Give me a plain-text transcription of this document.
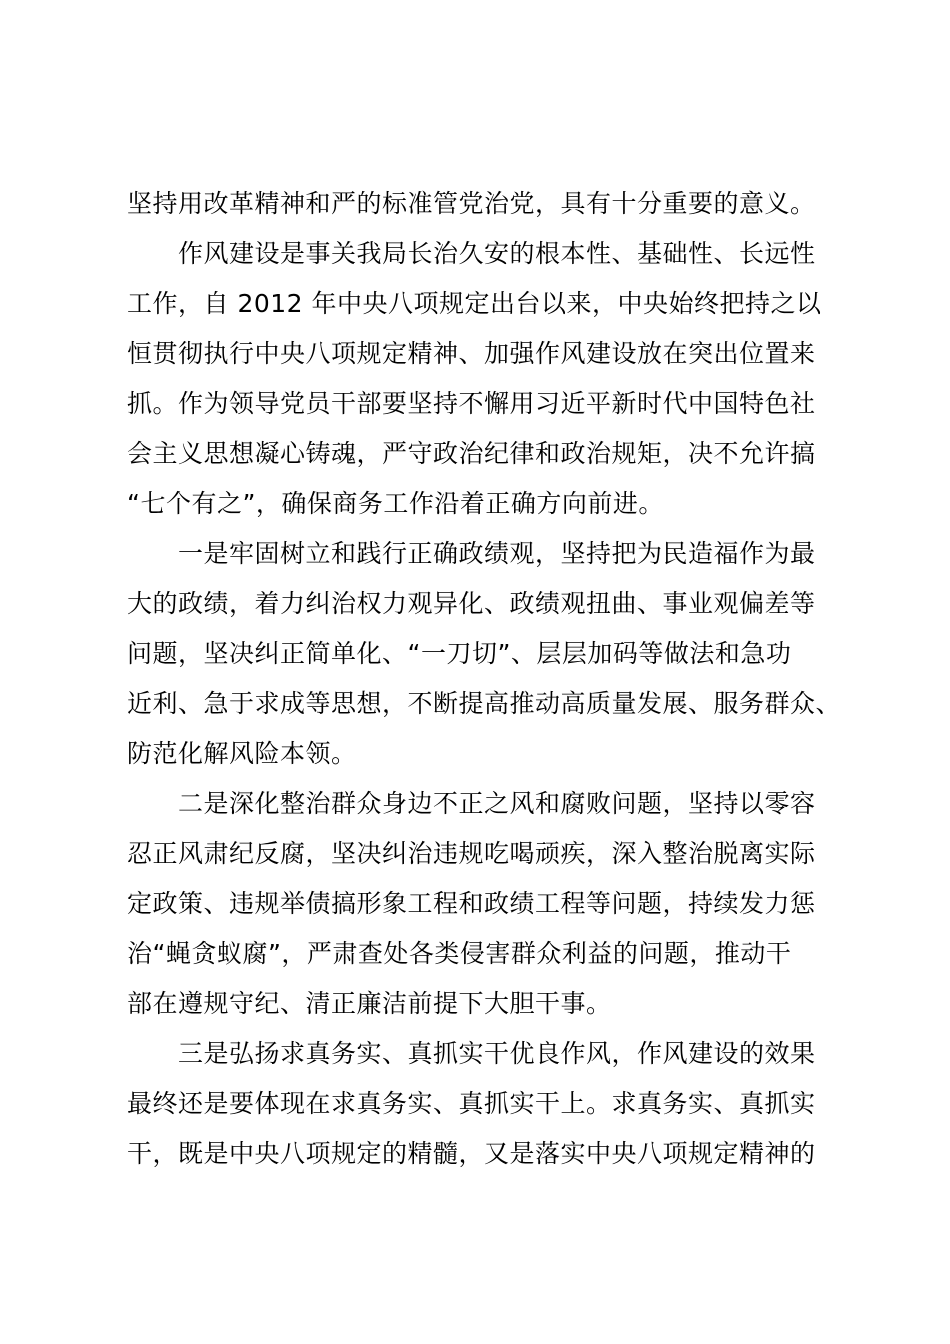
坚持用改革精神和严的标准管党治党，具有十分重要的意义。
作风建设是事关我局长治久安的根本性、基础性、长远性
工作，自 2012 年中央八项规定出台以来，中央始终把持之以
恒贯彻执行中央八项规定精神、加强作风建设放在突出位置来
抓。作为领导党员干部要坚持不懈用习近平新时代中国特色社
会主义思想凝心铸魂，严守政治纪律和政治规矩，决不允许搞
“七个有之”，确保商务工作沿着正确方向前进。
一是牢固树立和践行正确政绩观，坚持把为民造福作为最
大的政绩，着力纠治权力观异化、政绩观扭曲、事业观偏差等
问题，坚决纠正简单化、“一刀切”、层层加码等做法和急功
近利、急于求成等思想，不断提高推动高质量发展、服务群众、
防范化解风险本领。
二是深化整治群众身边不正之风和腐败问题，坚持以零容
忍正风肃纪反腐，坚决纠治违规吃喝顽疾，深入整治脱离实际
定政策、违规举债搞形象工程和政绩工程等问题，持续发力惩
治“蝇贪蚁腐”，严肃查处各类侵害群众利益的问题，推动干
部在遵规守纪、清正廉洁前提下大胆干事。
三是弘扬求真务实、真抓实干优良作风，作风建设的效果
最终还是要体现在求真务实、真抓实干上。求真务实、真抓实
干，既是中央八项规定的精髓，又是落实中央八项规定精神的
